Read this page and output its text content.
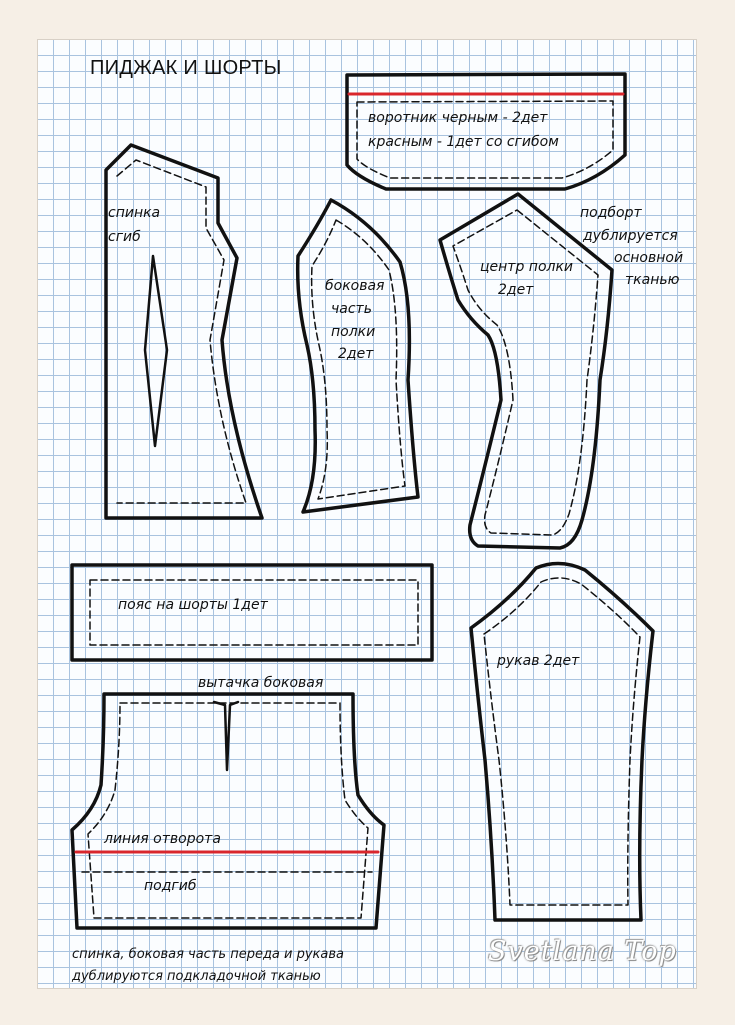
ПИДЖАК И ШОРТЫ

воротник черным - 2дет

красным - 1дет со сгибом

спинка

сгиб

боковая

часть

полки

2дет

центр полки

2дет

подборт

дублируется

основной

тканью

пояс на шорты 1дет

рукав 2дет

вытачка боковая

линия отворота

подгиб

спинка, боковая часть переда и рукава
дублируются подкладочной тканью

Svetlana Top
